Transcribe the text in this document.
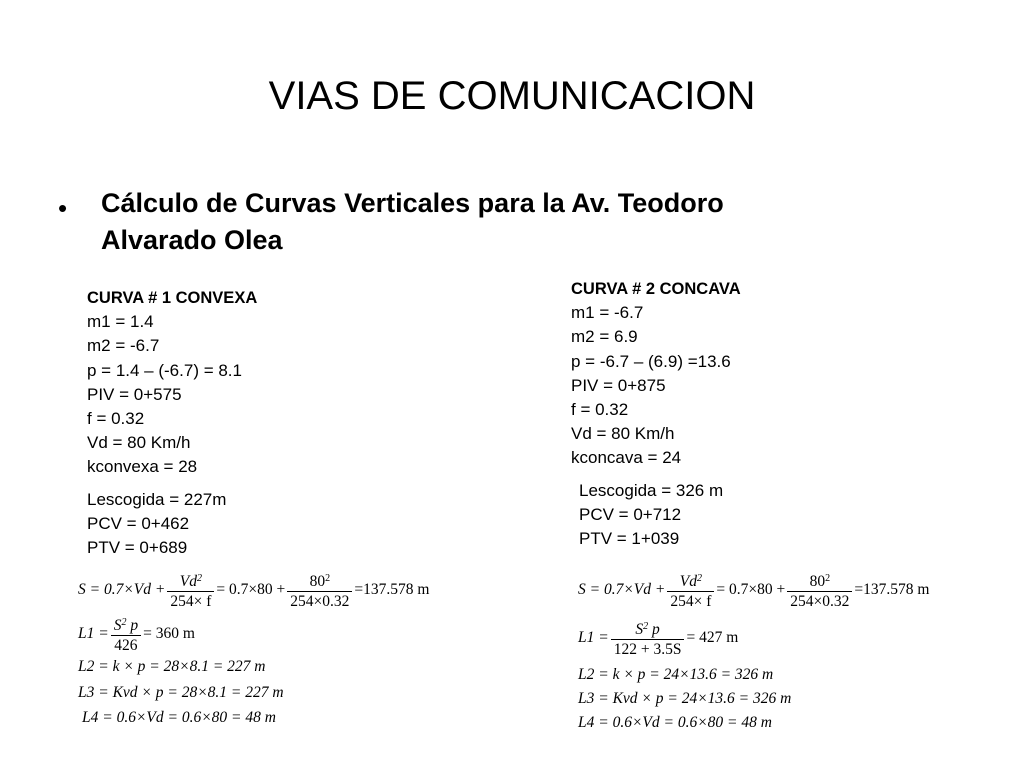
VIAS DE COMUNICACION
• Cálculo de Curvas Verticales para la Av. Teodoro Alvarado Olea
CURVA # 1 CONVEXA
m1 = 1.4
m2 = -6.7
p = 1.4 – (-6.7) = 8.1
PIV = 0+575
f = 0.32
Vd = 80 Km/h
kconvexa = 28
Lescogida = 227m
PCV = 0+462
PTV = 0+689
CURVA # 2 CONCAVA
m1 = -6.7
m2 = 6.9
p = -6.7 – (6.9) =13.6
PIV = 0+875
f = 0.32
Vd = 80 Km/h
kconcava = 24
Lescogida = 326 m
PCV = 0+712
PTV = 1+039
$S = 0.7\times Vd + \frac{Vd^2}{254\times f} = 0.7\times 80 + \frac{80^2}{254\times 0.32} =137.578$ m
$L1 = \frac{S^2 p}{426} = 360$ m
L2 = k × p = 28×8.1 = 227 m
L3 = Kvd × p = 28×8.1 = 227 m
L4 = 0.6×Vd = 0.6×80 = 48 m
$S = 0.7\times Vd + \frac{Vd^2}{254\times f} = 0.7\times 80 + \frac{80^2}{254\times 0.32} =137.578$ m
$L1 = \frac{S^2 p}{122 + 3.5S} = 427$ m
L2 = k × p = 24×13.6 = 326 m
L3 = Kvd × p = 24×13.6 = 326 m
L4 = 0.6×Vd = 0.6×80 = 48 m
